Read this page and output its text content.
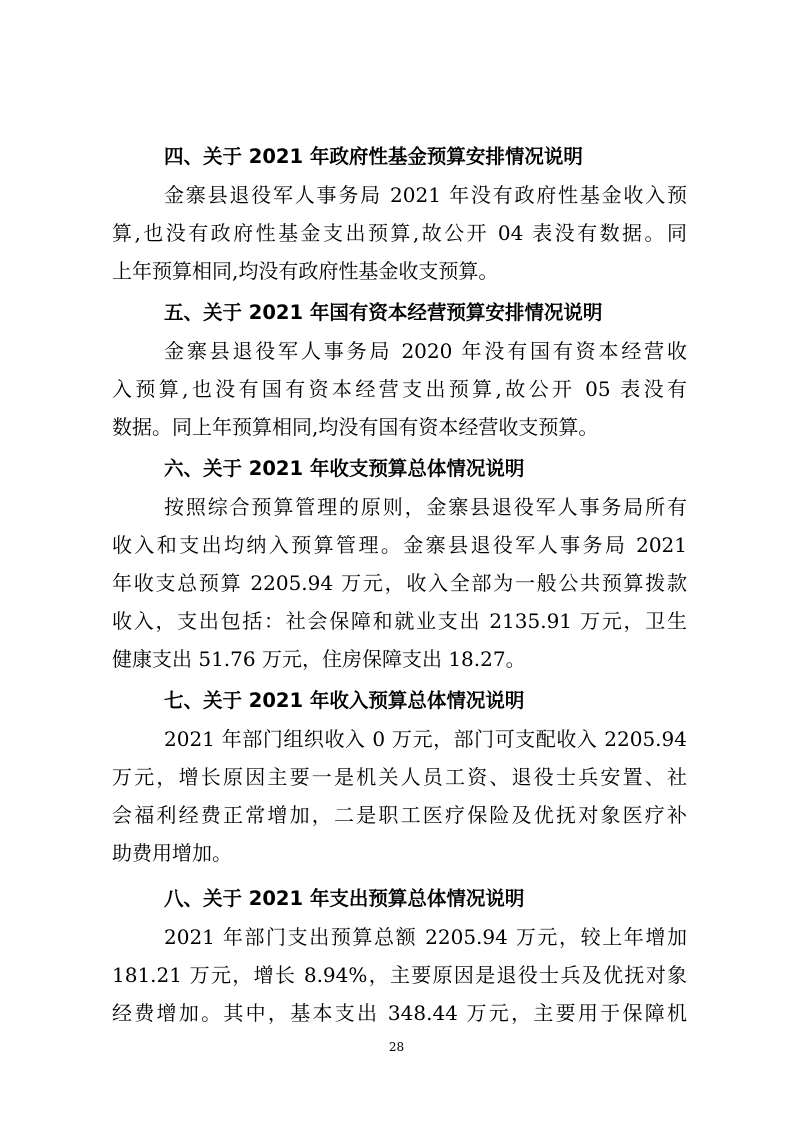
四、关于 2021 年政府性基金预算安排情况说明
金寨县退役军人事务局 2021 年没有政府性基金收入预
算,也没有政府性基金支出预算,故公开 04 表没有数据。同
上年预算相同,均没有政府性基金收支预算。
五、关于 2021 年国有资本经营预算安排情况说明
金寨县退役军人事务局 2020 年没有国有资本经营收
入预算,也没有国有资本经营支出预算,故公开 05 表没有
数据。同上年预算相同,均没有国有资本经营收支预算。
六、关于 2021 年收支预算总体情况说明
按照综合预算管理的原则，金寨县退役军人事务局所有
收入和支出均纳入预算管理。金寨县退役军人事务局 2021
年收支总预算 2205.94 万元，收入全部为一般公共预算拨款
收入，支出包括：社会保障和就业支出 2135.91 万元，卫生
健康支出 51.76 万元，住房保障支出 18.27。
七、关于 2021 年收入预算总体情况说明
2021 年部门组织收入 0 万元，部门可支配收入 2205.94
万元，增长原因主要一是机关人员工资、退役士兵安置、社
会福利经费正常增加，二是职工医疗保险及优抚对象医疗补
助费用增加。
八、关于 2021 年支出预算总体情况说明
2021 年部门支出预算总额 2205.94 万元，较上年增加
181.21 万元，增长 8.94%，主要原因是退役士兵及优抚对象
经费增加。其中，基本支出 348.44 万元，主要用于保障机
28
